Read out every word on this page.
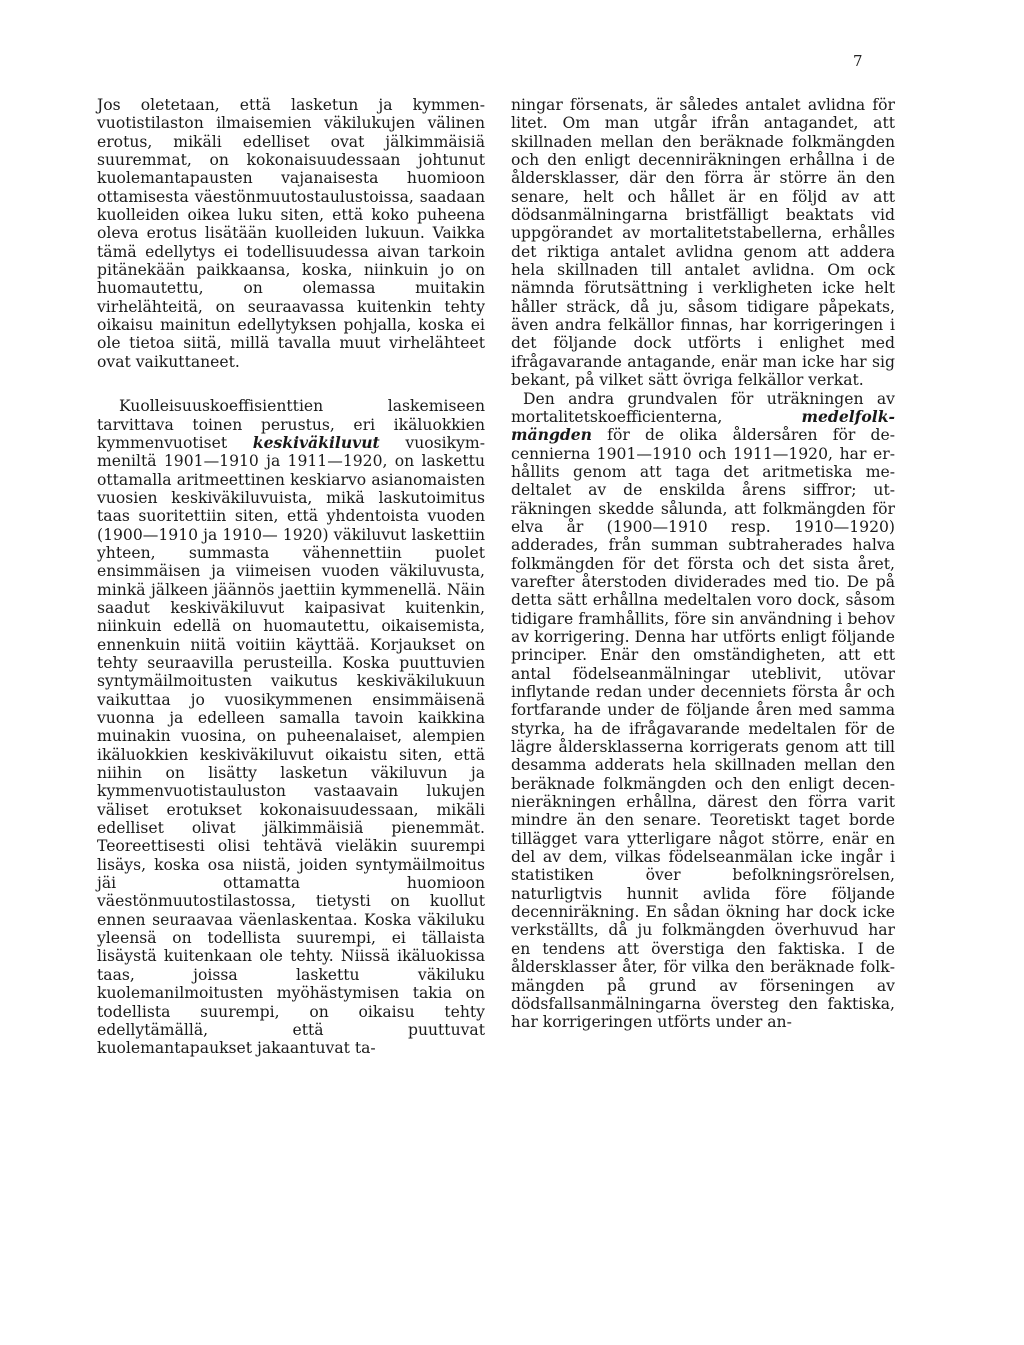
7

Jos oletetaan, että lasketun ja kymmenvuotistilaston ilmaisemien väkilukujen välinen erotus, mikäli edelliset ovat jälkimmäisiä suuremmat, on kokonaisuudessaan johtunut kuolemantapausten vajanaisesta huomioon ottamisesta väestönmuutostaulustoissa, saadaan kuolleiden oikea luku siten, että koko puheena oleva erotus lisätään kuolleiden lukuun. Vaikka tämä edellytys ei todellisuudessa aivan tarkoin pitänekään paikkaansa, koska, niinkuin jo on huomautettu, on olemassa muitakin virhelähteitä, on seuraavassa kuitenkin tehty oikaisu mainitun edellytyksen pohjalla, koska ei ole tietoa siitä, millä tavalla muut virhelähteet ovat vaikuttaneet.

Kuolleisuuskoeffisienttien laskemiseen tarvittava toinen perustus, eri ikäluokkien kymmenvuotiset keskiväkiluvut vuosikymmeniltä 1901—1910 ja 1911—1920, on laskettu ottamalla aritmeettinen keskiarvo asianomaisten vuosien keskiväkiluvuista, mikä laskutoimitus taas suoritettiin siten, että yhdentoista vuoden (1900—1910 ja 1910— 1920) väkiluvut laskettiin yhteen, summasta vähennettiin puolet ensimmäisen ja viimeisen vuoden väkiluvusta, minkä jälkeen jäännös jaettiin kymmenellä. Näin saadut keskiväkiluvut kaipasivat kuitenkin, niinkuin edellä on huomautettu, oikaisemista, ennenkuin niitä voitiin käyttää. Korjaukset on tehty seuraavilla perusteilla. Koska puuttuvien syntymäilmoitusten vaikutus keskiväkilukuun vaikuttaa jo vuosikymmenen ensimmäisenä vuonna ja edelleen samalla tavoin kaikkina muinakin vuosina, on puheenalaiset, alempien ikäluokkien keskiväkiluvut oikaistu siten, että niihin on lisätty lasketun väkiluvun ja kymmenvuotistauluston vastaavain lukujen väliset erotukset kokonaisuudessaan, mikäli edelliset olivat jälkimmäisiä pienemmät. Teoreettisesti olisi tehtävä vieläkin suurempi lisäys, koska osa niistä, joiden syntymäilmoitus jäi ottamatta huomioon väestönmuutostilastossa, tietysti on kuollut ennen seuraavaa väenlaskentaa. Koska väkiluku yleensä on todellista suurempi, ei tällaista lisäystä kuitenkaan ole tehty. Niissä ikäluokissa taas, joissa laskettu väkiluku kuolemanilmoitusten myöhästymisen takia on todellista suurempi, on oikaisu tehty edellytämällä, että puuttuvat kuolemantapaukset jakaantuvat ta-

ningar försenats, är således antalet avlidna för litet. Om man utgår ifrån antagandet, att skillnaden mellan den beräknade folkmängden och den enligt decenniräkningen erhållna i de åldersklasser, där den förra är större än den senare, helt och hållet är en följd av att dödsanmälningarna bristfälligt beaktats vid uppgörandet av mortalitetstabellerna, erhålles det riktiga antalet avlidna genom att addera hela skillnaden till antalet avlidna. Om ock nämnda förutsättning i verkligheten icke helt håller sträck, då ju, såsom tidigare påpekats, även andra felkällor finnas, har korrigeringen i det följande dock utförts i enlighet med ifrågavarande antagande, enär man icke har sig bekant, på vilket sätt övriga felkällor verkat.

Den andra grundvalen för uträkningen av mortalitetskoefficienterna, medelfolkmängden för de olika åldersåren för decennierna 1901—1910 och 1911—1920, har erhållits genom att taga det aritmetiska medeltalet av de enskilda årens siffror; uträkningen skedde sålunda, att folkmängden för elva år (1900—1910 resp. 1910—1920) adderades, från summan subtraherades halva folkmängden för det första och det sista året, varefter återstoden dividerades med tio. De på detta sätt erhållna medeltalen voro dock, såsom tidigare framhållits, före sin användning i behov av korrigering. Denna har utförts enligt följande principer. Enär den omständigheten, att ett antal födelseanmälningar uteblivit, utövar inflytande redan under decenniets första år och fortfarande under de följande åren med samma styrka, ha de ifrågavarande medeltalen för de lägre åldersklasserna korrigerats genom att till desamma adderats hela skillnaden mellan den beräknade folkmängden och den enligt decennieräkningen erhållna, därest den förra varit mindre än den senare. Teoretiskt taget borde tillägget vara ytterligare något större, enär en del av dem, vilkas födelseanmälan icke ingår i statistiken över befolkningsrörelsen, naturligtvis hunnit avlida före följande decenniräkning. En sådan ökning har dock icke verkställts, då ju folkmängden överhuvud har en tendens att överstiga den faktiska. I de åldersklasser åter, för vilka den beräknade folkmängden på grund av förseningen av dödsfallsanmälningarna översteg den faktiska, har korrigeringen utförts under an-
